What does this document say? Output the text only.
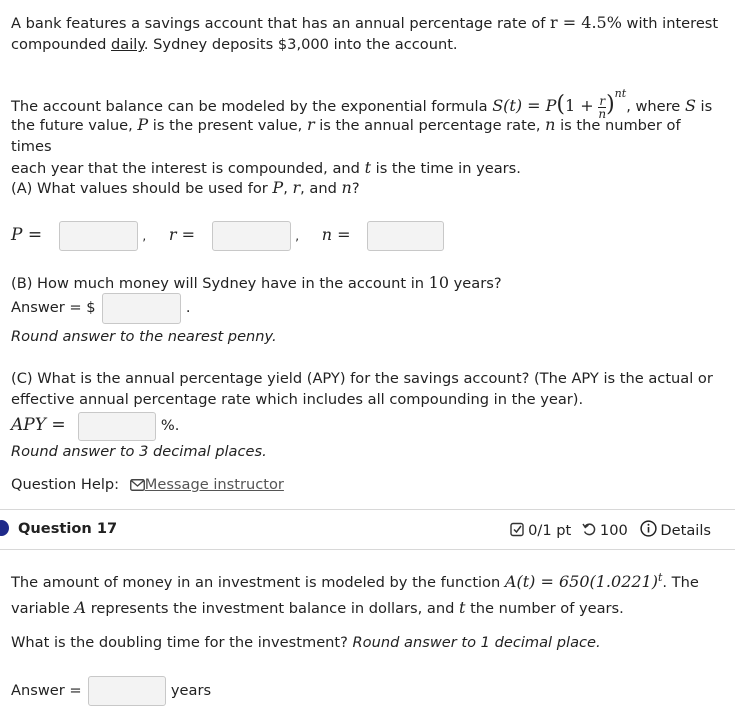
A bank features a savings account that has an annual percentage rate of r = 4.5% with interest
compounded daily. Sydney deposits $3,000 into the account.

The account balance can be modeled by the exponential formula $S(t) = P(1 + \frac{r}{n} )^{nt}$, where S is

the future value, P is the present value, r is the annual percentage rate, n is the number of times
each year that the interest is compounded, and t is the time in years.

(A) What values should be used for P, r, and n?

P =	, r =	, n =

(B) How much money will Sydney have in the account in 10 years?

Answer = $	.

Round answer to the nearest penny.

(C) What is the annual percentage yield (APY) for the savings account? (The APY is the actual or
effective annual percentage rate which includes all compounding in the year).

APY =	%.

Round answer to 3 decimal places.

Question Help: Message instructor

Question 17	0/1 pt 100 Details

The amount of money in an investment is modeled by the function $A(t) = 650(1.0221)^t$. The
variable A represents the investment balance in dollars, and t the number of years.

What is the doubling time for the investment? Round answer to 1 decimal place.

Answer =	years
